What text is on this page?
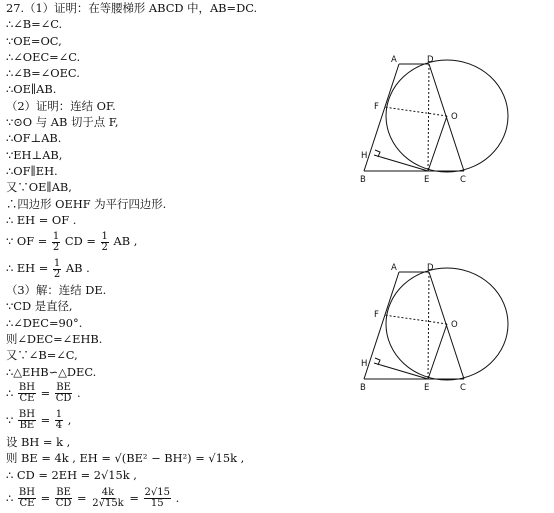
27.（1）证明：在等腰梯形 ABCD 中，AB=DC.
∴∠B=∠C.
∵OE=OC,
∴∠OEC=∠C.
∴∠B=∠OEC.
∴OE∥AB.
（2）证明：连结 OF.
∵⊙O 与 AB 切于点 F,
∴OF⊥AB.
∵EH⊥AB,
∴OF∥EH.
又∵OE∥AB,
∴四边形 OEHF 为平行四边形.
∴ EH = OF .
∵ OF = $\frac{1}{2}$ CD = $\frac{1}{2}$ AB ,
∴ EH = $\frac{1}{2}$ AB .
（3）解：连结 DE.
∵CD 是直径,
∴∠DEC=90°.
则∠DEC=∠EHB.
又∵∠B=∠C,
∴△EHB∽△DEC.
∴ $\frac{BH}{CE} = \frac{BE}{CD}$ .
∵ $\frac{BH}{BE} = \frac{1}{4}$ ,
设 BH = k ,
则 BE = 4k , EH = √(BE² − BH²) = √15k ,
∴ CD = 2EH = 2√15k ,
∴ $\frac{BH}{CE} = \frac{BE}{CD} = \frac{4k}{2√15k} = \frac{2√15}{15}$ .
A	D
F
O
H
B	E	C
A	D
F
O
H
B	E	C
